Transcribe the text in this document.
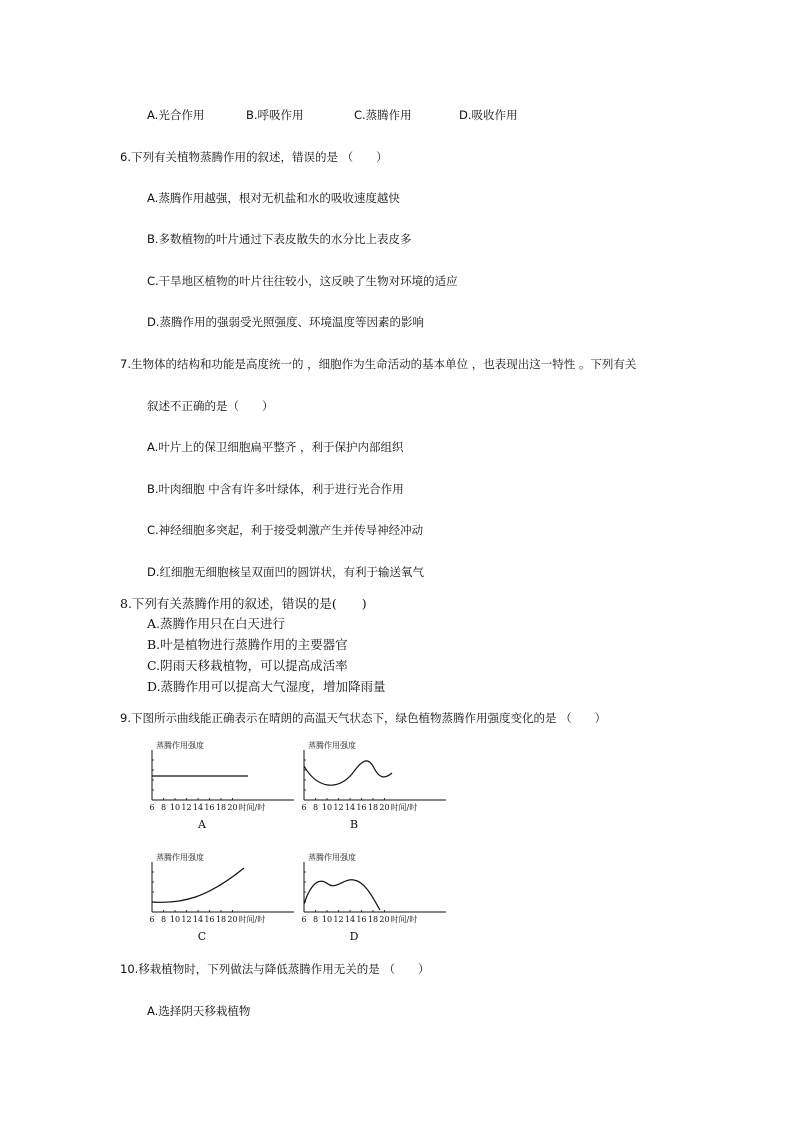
A.光合作用	B.呼吸作用	C.蒸腾作用	D.吸收作用
6.下列有关植物蒸腾作用的叙述，错误的是 （　　）
A.蒸腾作用越强，根对无机盐和水的吸收速度越快
B.多数植物的叶片通过下表皮散失的水分比上表皮多
C.干旱地区植物的叶片往往较小，这反映了生物对环境的适应
D.蒸腾作用的强弱受光照强度、环境温度等因素的影响
7.生物体的结构和功能是高度统一的 ，细胞作为生命活动的基本单位 ，也表现出这一特性 。下列有关
叙述不正确的是（　　）
A.叶片上的保卫细胞扁平整齐 ，利于保护内部组织
B.叶肉细胞 中含有许多叶绿体，利于进行光合作用
C.神经细胞多突起，利于接受刺激产生并传导神经冲动
D.红细胞无细胞核呈双面凹的圆饼状，有利于输送氧气
8.下列有关蒸腾作用的叙述，错误的是(　　)
A.蒸腾作用只在白天进行
B.叶是植物进行蒸腾作用的主要器官
C.阴雨天移栽植物，可以提高成活率
D.蒸腾作用可以提高大气湿度，增加降雨量
9.下图所示曲线能正确表示在晴朗的高温天气状态下，绿色植物蒸腾作用强度变化的是 （　　）
蒸腾作用强度
6 8 10 12 14 16 18 20 时间/时
A
蒸腾作用强度
6 8 10 12 14 16 18 20 时间/时
B
蒸腾作用强度
6 8 10 12 14 16 18 20 时间/时
C
蒸腾作用强度
6 8 10 12 14 16 18 20 时间/时
D
10.移栽植物时，下列做法与降低蒸腾作用无关的是 （　　）
A.选择阴天移栽植物
